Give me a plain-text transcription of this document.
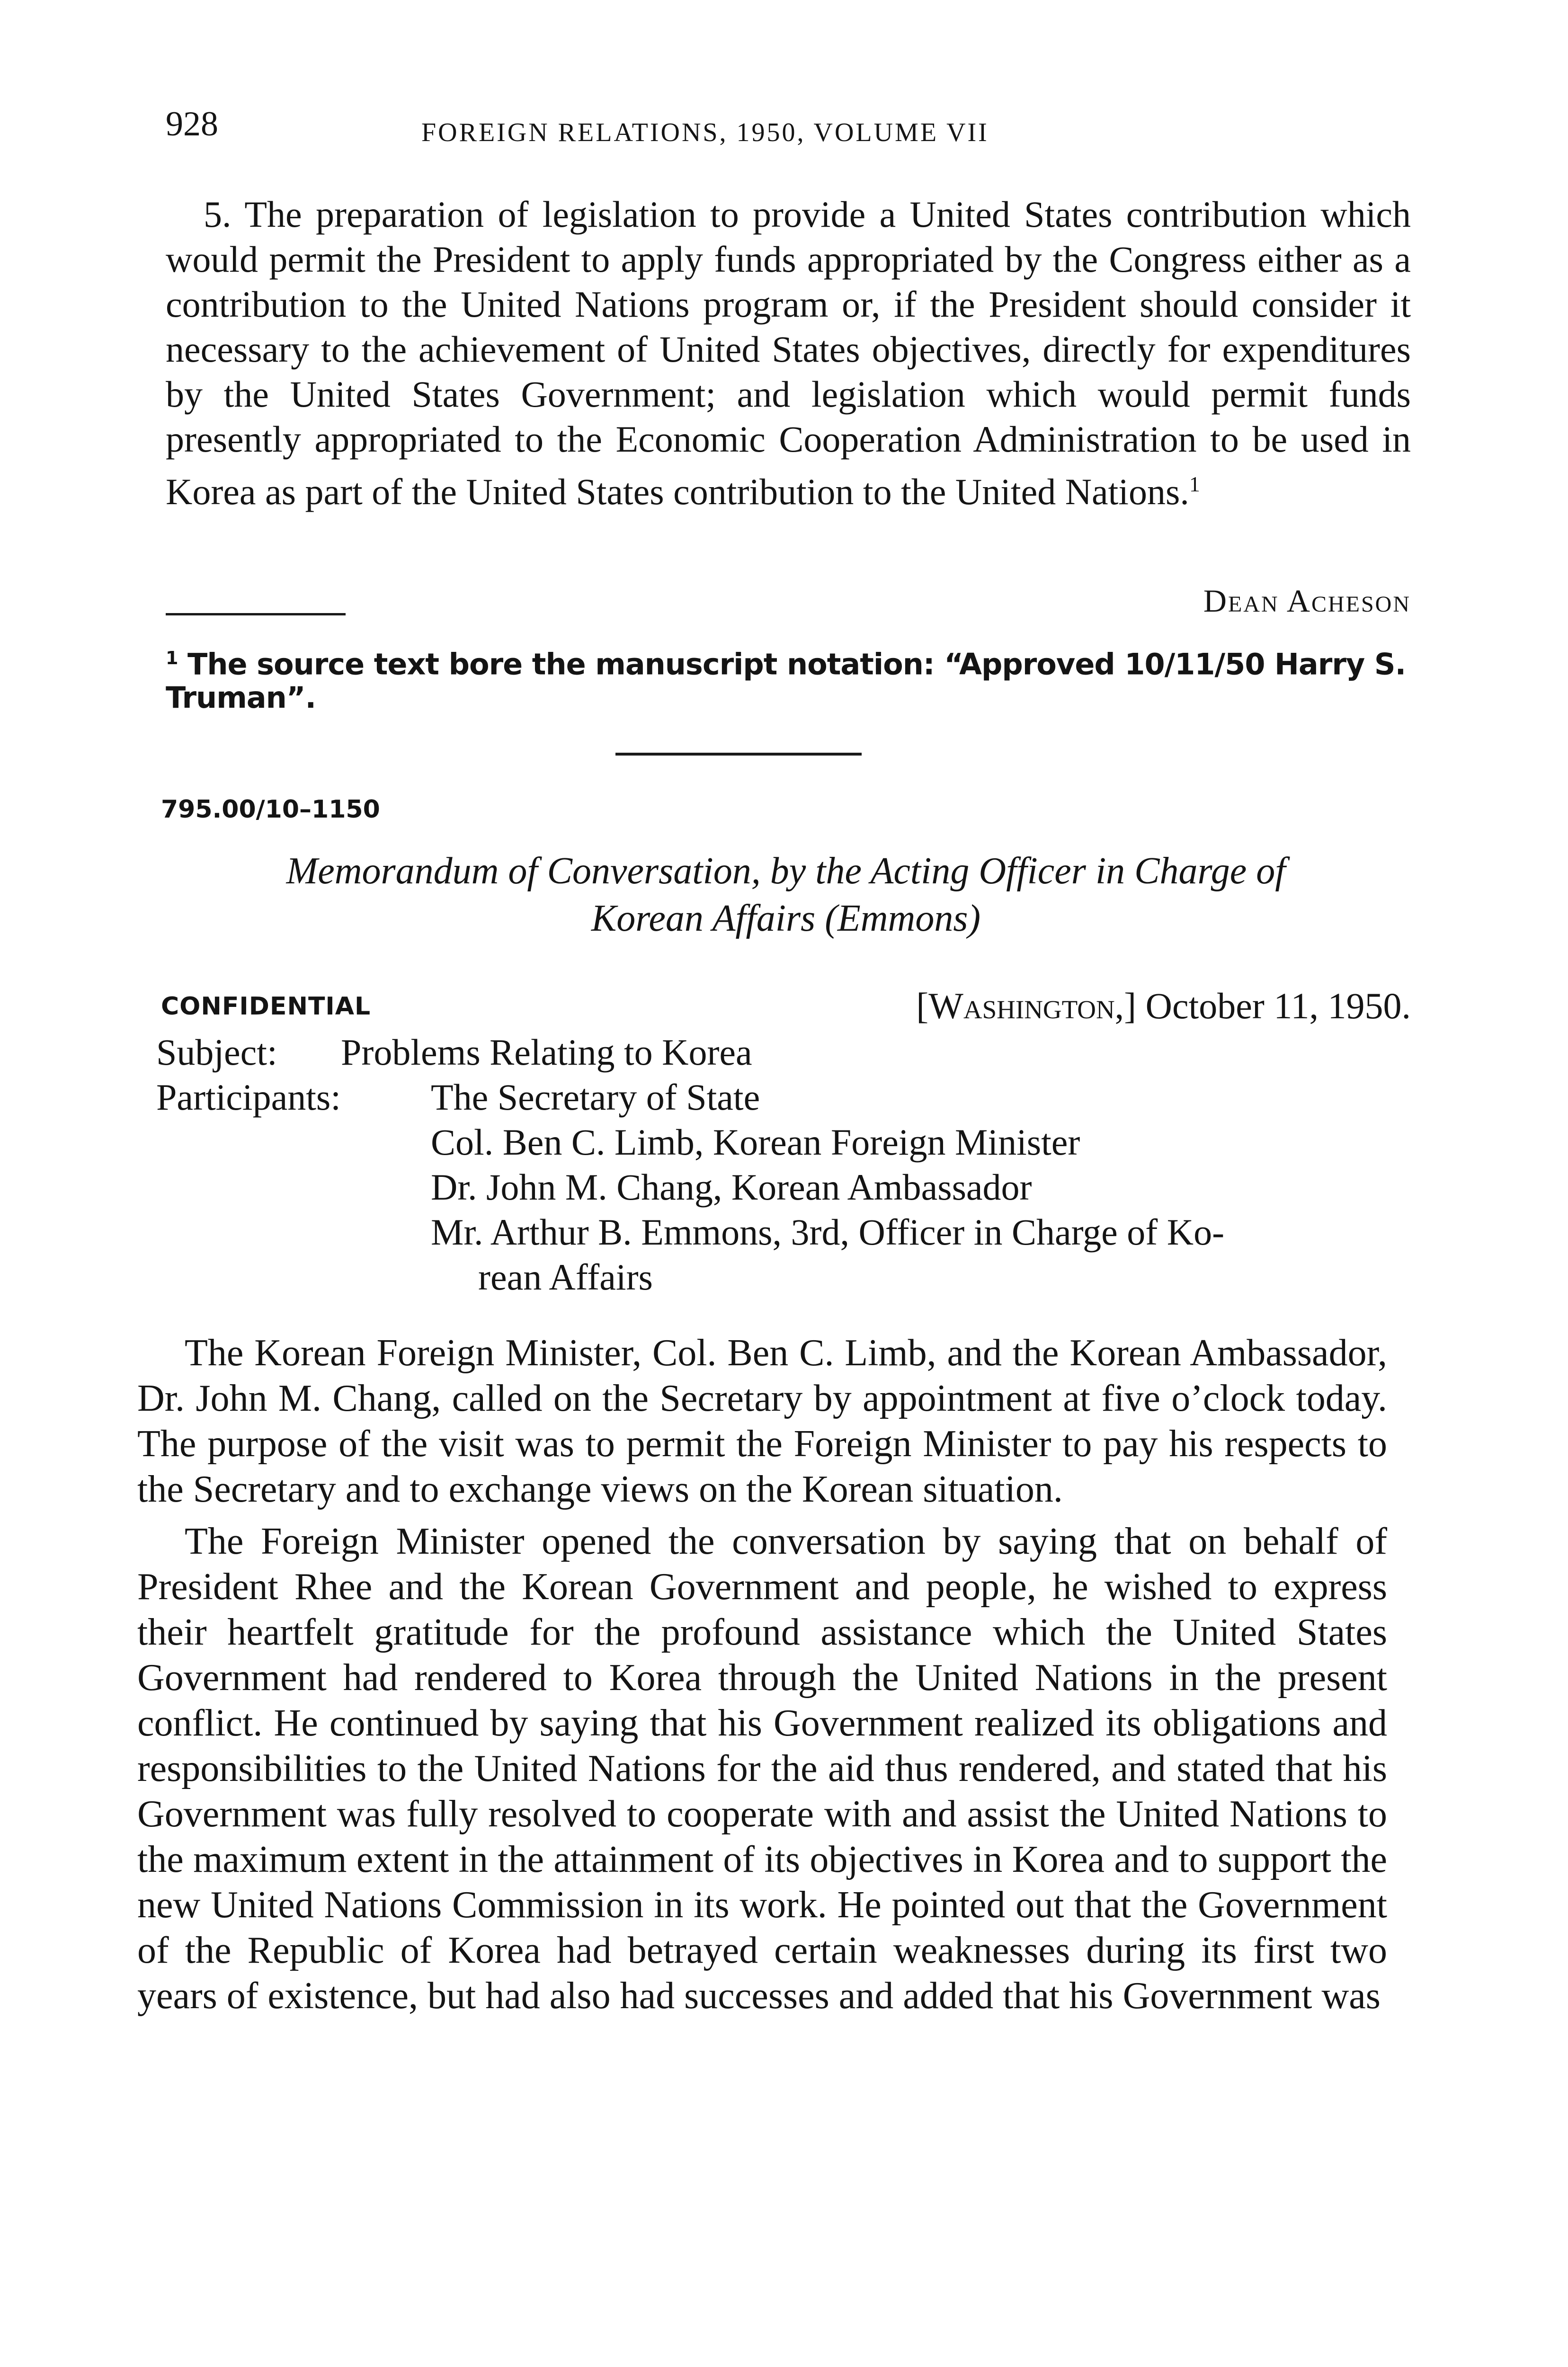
928	FOREIGN RELATIONS, 1950, VOLUME VII

5. The preparation of legislation to provide a United States contribution which would permit the President to apply funds appropriated by the Congress either as a contribution to the United Nations program or, if the President should consider it necessary to the achievement of United States objectives, directly for expenditures by the United States Government; and legislation which would permit funds presently appropriated to the Economic Cooperation Administration to be used in Korea as part of the United States contribution to the United Nations.$^1$

Dean Acheson
$^1$ The source text bore the manuscript notation: “Approved 10/11/50 Harry S. Truman”.
795.00/10–1150
Memorandum of Conversation, by the Acting Officer in Charge of
Korean Affairs (Emmons)
CONFIDENTIAL	[Washington,] October 11, 1950.
Subject: Problems Relating to Korea
Participants: The Secretary of State
Col. Ben C. Limb, Korean Foreign Minister
Dr. John M. Chang, Korean Ambassador
Mr. Arthur B. Emmons, 3rd, Officer in Charge of Ko-
rean Affairs

The Korean Foreign Minister, Col. Ben C. Limb, and the Korean Ambassador, Dr. John M. Chang, called on the Secretary by appointment at five o’clock today. The purpose of the visit was to permit the Foreign Minister to pay his respects to the Secretary and to exchange views on the Korean situation.

The Foreign Minister opened the conversation by saying that on behalf of President Rhee and the Korean Government and people, he wished to express their heartfelt gratitude for the profound assistance which the United States Government had rendered to Korea through the United Nations in the present conflict. He continued by saying that his Government realized its obligations and responsibilities to the United Nations for the aid thus rendered, and stated that his Government was fully resolved to cooperate with and assist the United Nations to the maximum extent in the attainment of its objectives in Korea and to support the new United Nations Commission in its work. He pointed out that the Government of the Republic of Korea had betrayed certain weaknesses during its first two years of existence, but had also had successes and added that his Government was
